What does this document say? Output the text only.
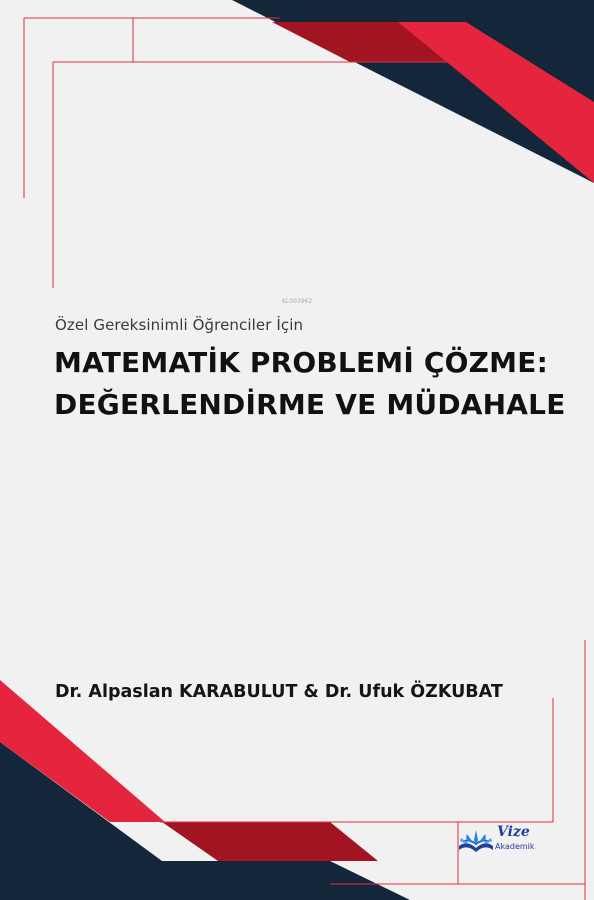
KL003962
Özel Gereksinimli Öğrenciler İçin
MATEMATİK PROBLEMİ ÇÖZME:
DEĞERLENDİRME VE MÜDAHALE
Dr. Alpaslan KARABULUT & Dr. Ufuk ÖZKUBAT
Vize
Akademik
